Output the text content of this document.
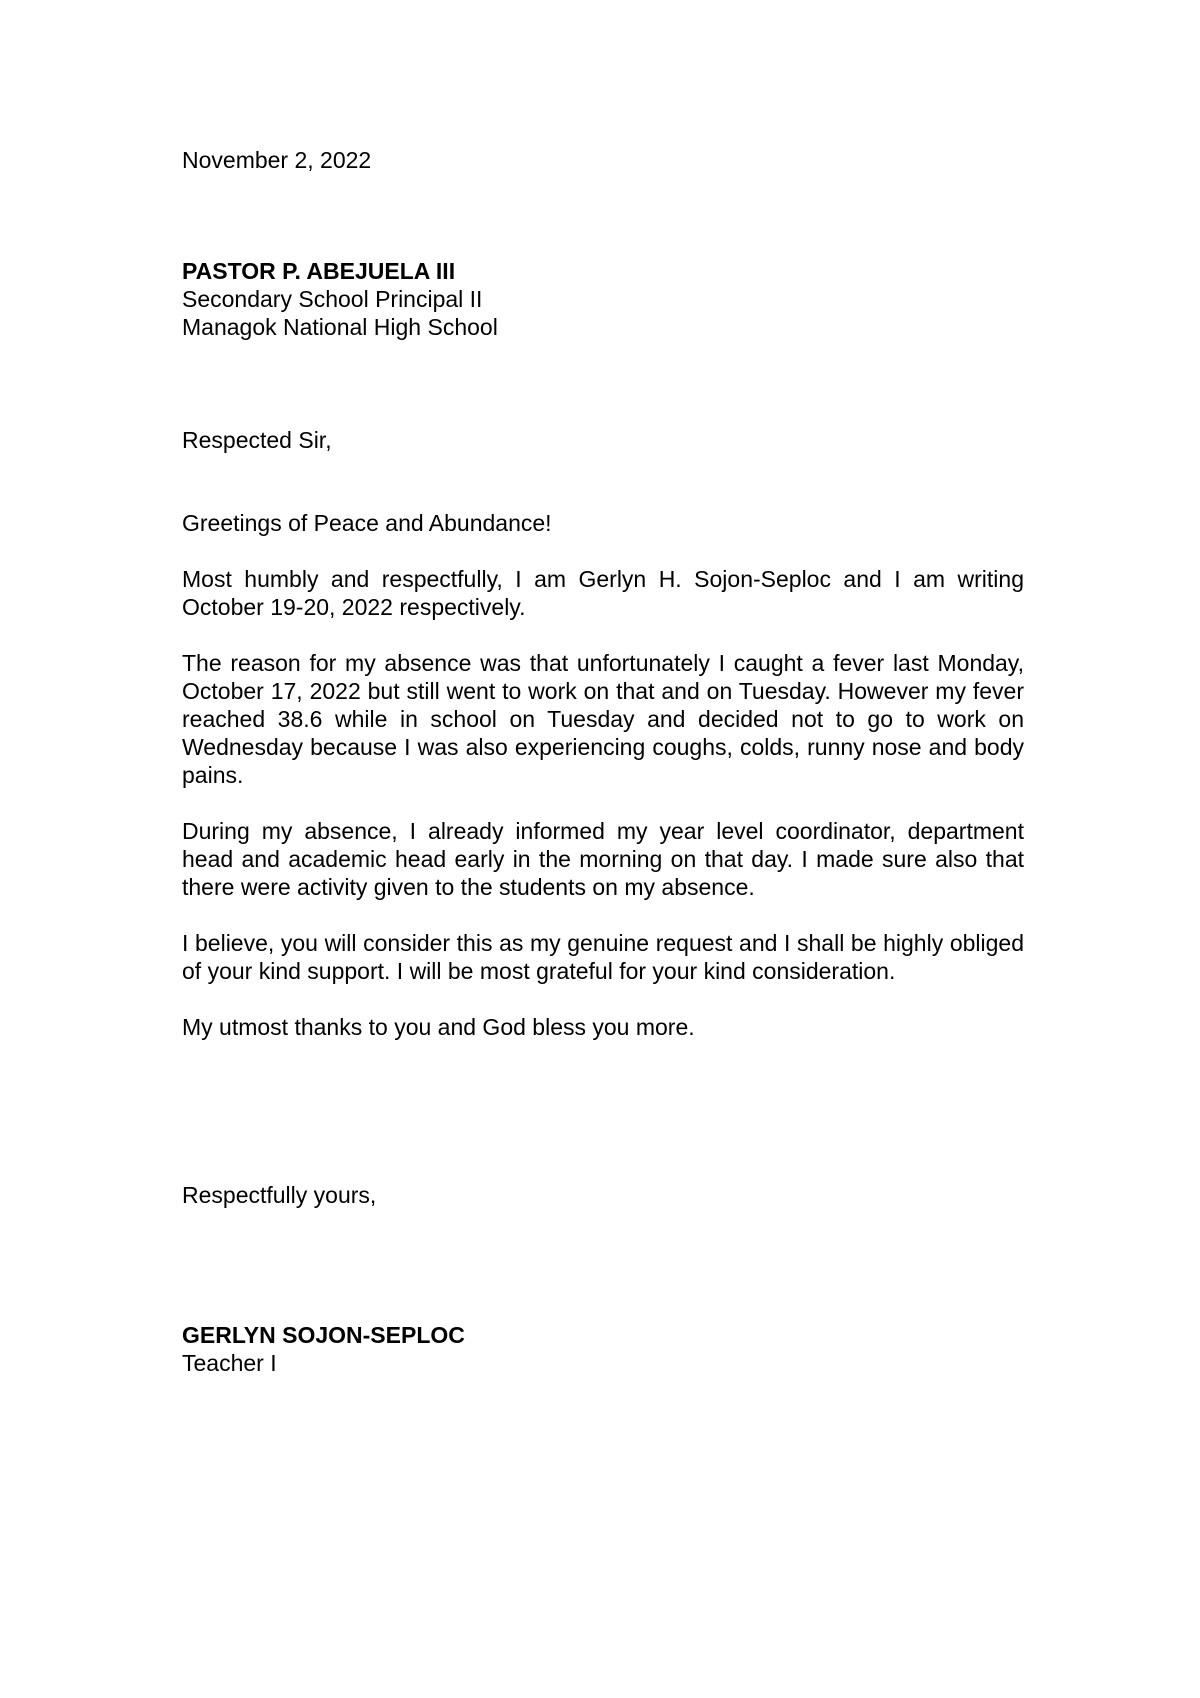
November 2, 2022

PASTOR P. ABEJUELA III

Secondary School Principal II

Managok National High School

Respected Sir,

Greetings of Peace and Abundance!

Most humbly and respectfully, I am Gerlyn H. Sojon-Seploc and I am writing October 19-20, 2022 respectively.

The reason for my absence was that unfortunately I caught a fever last Monday, October 17, 2022 but still went to work on that and on Tuesday. However my fever reached 38.6 while in school on Tuesday and decided not to go to work on Wednesday because I was also experiencing coughs, colds, runny nose and body pains.

During my absence, I already informed my year level coordinator, department head and academic head early in the morning on that day. I made sure also that there were activity given to the students on my absence.

I believe, you will consider this as my genuine request and I shall be highly obliged of your kind support. I will be most grateful for your kind consideration.

My utmost thanks to you and God bless you more.

Respectfully yours,

GERLYN SOJON-SEPLOC

Teacher I
